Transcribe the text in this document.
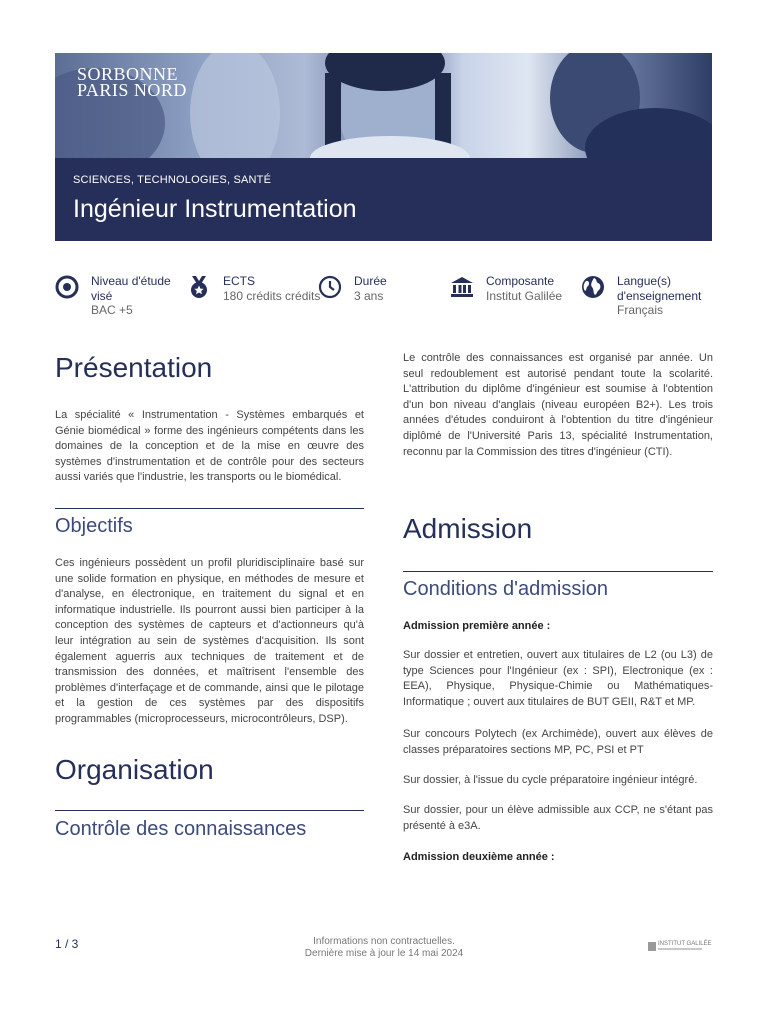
SORBONNE
PARIS NORD
SCIENCES, TECHNOLOGIES, SANTÉ
Ingénieur Instrumentation
Niveau d'étude visé
BAC +5
ECTS
180 crédits crédits
Durée
3 ans
Composante
Institut Galilée
Langue(s) d'enseignement
Français
Présentation
La spécialité « Instrumentation - Systèmes embarqués et Génie biomédical » forme des ingénieurs compétents dans les domaines de la conception et de la mise en œuvre des systèmes d'instrumentation et de contrôle pour des secteurs aussi variés que l'industrie, les transports ou le biomédical.
Objectifs
Ces ingénieurs possèdent un profil pluridisciplinaire basé sur une solide formation en physique, en méthodes de mesure et d'analyse, en électronique, en traitement du signal et en informatique industrielle. Ils pourront aussi bien participer à la conception des systèmes de capteurs et d'actionneurs qu'à leur intégration au sein de systèmes d'acquisition. Ils sont également aguerris aux techniques de traitement et de transmission des données, et maîtrisent l'ensemble des problèmes d'interfaçage et de commande, ainsi que le pilotage et la gestion de ces systèmes par des dispositifs programmables (microprocesseurs, microcontrôleurs, DSP).
Organisation
Contrôle des connaissances
Le contrôle des connaissances est organisé par année. Un seul redoublement est autorisé pendant toute la scolarité. L'attribution du diplôme d'ingénieur est soumise à l'obtention d'un bon niveau d'anglais (niveau européen B2+). Les trois années d'études conduiront à l'obtention du titre d'ingénieur diplômé de l'Université Paris 13, spécialité Instrumentation, reconnu par la Commission des titres d'ingénieur (CTI).
Admission
Conditions d'admission
Admission première année :
Sur dossier et entretien, ouvert aux titulaires de L2 (ou L3) de type Sciences pour l'Ingénieur (ex : SPI), Electronique (ex : EEA), Physique, Physique-Chimie ou Mathématiques-Informatique ; ouvert aux titulaires de BUT GEII, R&T et MP.
Sur concours Polytech (ex Archimède), ouvert aux élèves de classes préparatoires sections MP, PC, PSI et PT
Sur dossier, à l'issue du cycle préparatoire ingénieur intégré.
Sur dossier, pour un élève admissible aux CCP, ne s'étant pas présenté à e3A.
Admission deuxième année :
1 / 3	Informations non contractuelles.
Dernière mise à jour le 14 mai 2024
INSTITUT GALILÉE
